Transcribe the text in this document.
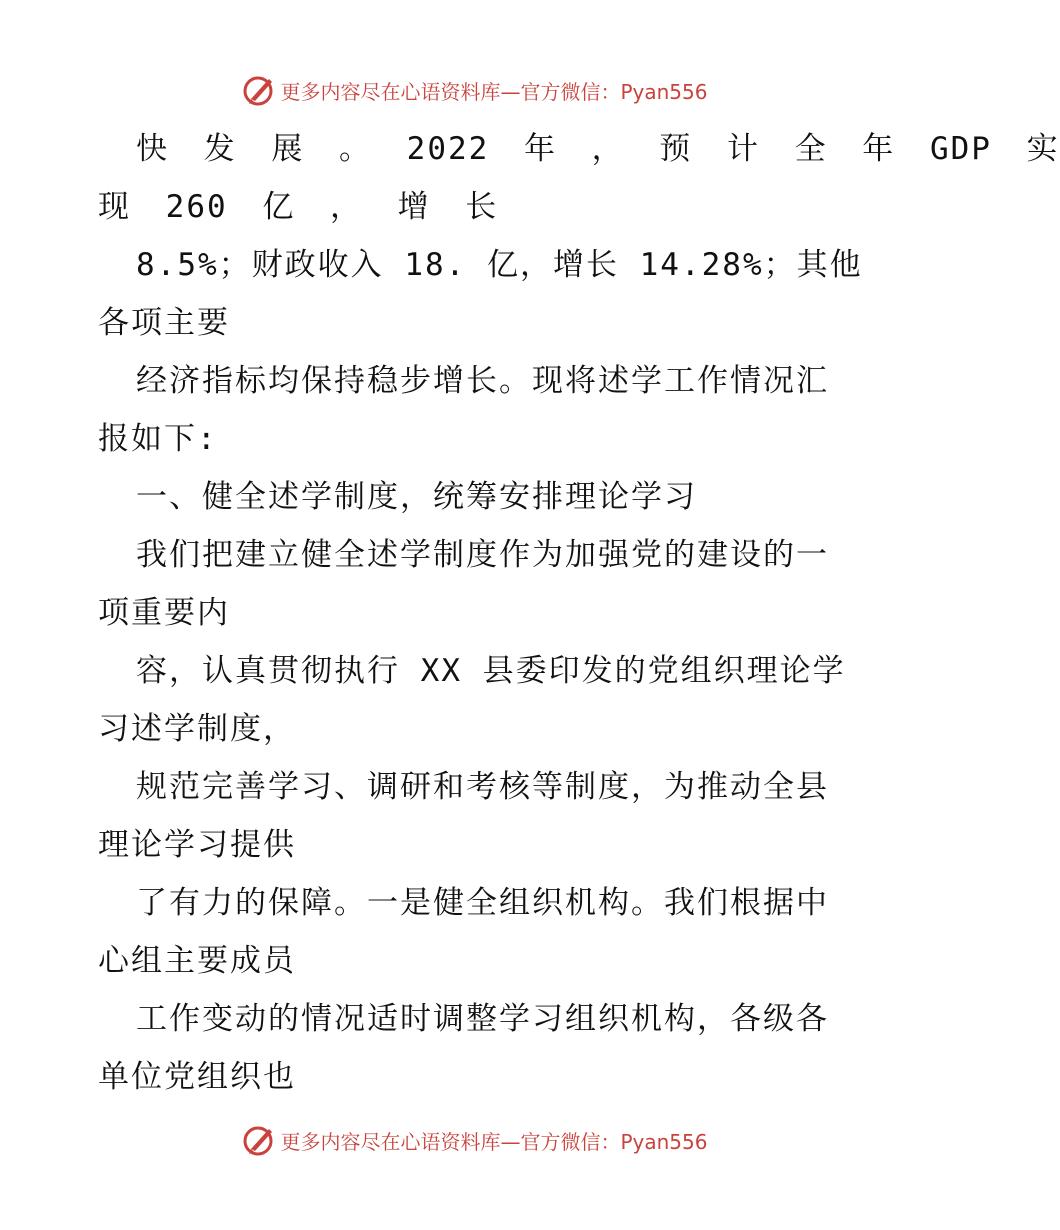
更多内容尽在心语资料库—官方微信：Pyan556
快 发 展 。 2022 年 ， 预 计 全 年 GDP 实
现 260 亿 ， 增 长
8.5%；财政收入 18. 亿，增长 14.28%；其他
各项主要
经济指标均保持稳步增长。现将述学工作情况汇
报如下:
一、健全述学制度，统筹安排理论学习
我们把建立健全述学制度作为加强党的建设的一
项重要内
容，认真贯彻执行 XX 县委印发的党组织理论学
习述学制度，
规范完善学习、调研和考核等制度，为推动全县
理论学习提供
了有力的保障。一是健全组织机构。我们根据中
心组主要成员
工作变动的情况适时调整学习组织机构，各级各
单位党组织也
更多内容尽在心语资料库—官方微信：Pyan556
